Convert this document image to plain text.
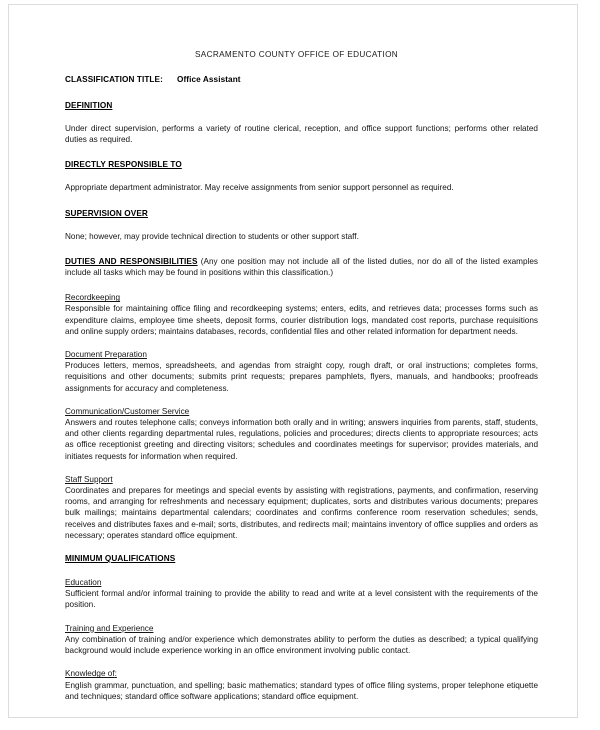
SACRAMENTO COUNTY OFFICE OF EDUCATION
CLASSIFICATION TITLE: Office Assistant
DEFINITION

Under direct supervision, performs a variety of routine clerical, reception, and office support functions; performs other related duties as required.

DIRECTLY RESPONSIBLE TO

Appropriate department administrator. May receive assignments from senior support personnel as required.

SUPERVISION OVER

None; however, may provide technical direction to students or other support staff.

DUTIES AND RESPONSIBILITIES (Any one position may not include all of the listed duties, nor do all of the listed examples include all tasks which may be found in positions within this classification.)

Recordkeeping

Responsible for maintaining office filing and recordkeeping systems; enters, edits, and retrieves data; processes forms such as expenditure claims, employee time sheets, deposit forms, courier distribution logs, mandated cost reports, purchase requisitions and online supply orders; maintains databases, records, confidential files and other related information for department needs.

Document Preparation

Produces letters, memos, spreadsheets, and agendas from straight copy, rough draft, or oral instructions; completes forms, requisitions and other documents; submits print requests; prepares pamphlets, flyers, manuals, and handbooks; proofreads assignments for accuracy and completeness.

Communication/Customer Service

Answers and routes telephone calls; conveys information both orally and in writing; answers inquiries from parents, staff, students, and other clients regarding departmental rules, regulations, policies and procedures; directs clients to appropriate resources; acts as office receptionist greeting and directing visitors; schedules and coordinates meetings for supervisor; provides materials, and initiates requests for information when required.

Staff Support

Coordinates and prepares for meetings and special events by assisting with registrations, payments, and confirmation, reserving rooms, and arranging for refreshments and necessary equipment; duplicates, sorts and distributes various documents; prepares bulk mailings; maintains departmental calendars; coordinates and confirms conference room reservation schedules; sends, receives and distributes faxes and e-mail; sorts, distributes, and redirects mail; maintains inventory of office supplies and orders as necessary; operates standard office equipment.

MINIMUM QUALIFICATIONS

Education

Sufficient formal and/or informal training to provide the ability to read and write at a level consistent with the requirements of the position.

Training and Experience

Any combination of training and/or experience which demonstrates ability to perform the duties as described; a typical qualifying background would include experience working in an office environment involving public contact.

Knowledge of:

English grammar, punctuation, and spelling; basic mathematics; standard types of office filing systems, proper telephone etiquette and techniques; standard office software applications; standard office equipment.
